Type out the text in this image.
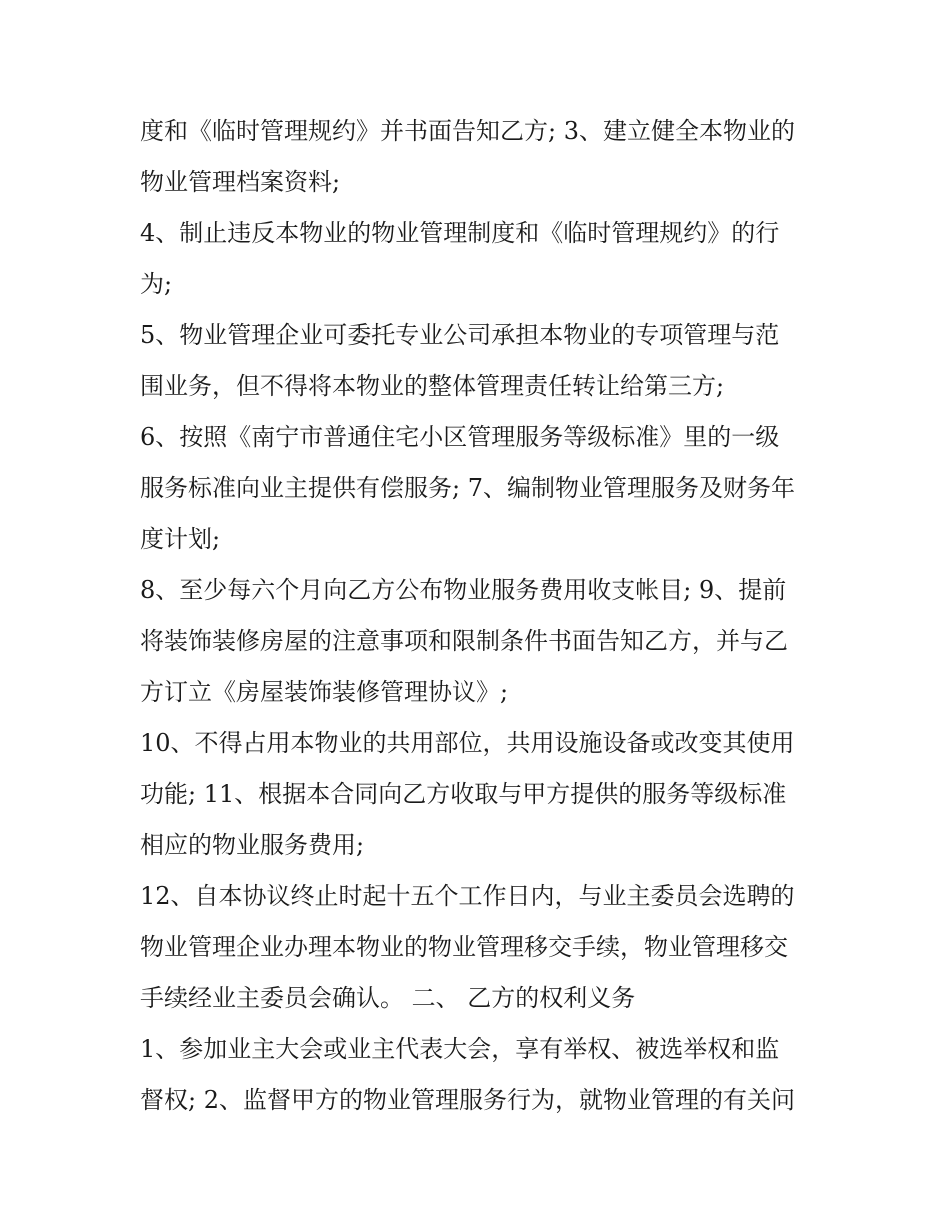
度和《临时管理规约》并书面告知乙方; 3、建立健全本物业的
物业管理档案资料;
4、制止违反本物业的物业管理制度和《临时管理规约》的行
为;
5、物业管理企业可委托专业公司承担本物业的专项管理与范
围业务，但不得将本物业的整体管理责任转让给第三方;
6、按照《南宁市普通住宅小区管理服务等级标准》里的一级
服务标准向业主提供有偿服务; 7、编制物业管理服务及财务年
度计划;
8、至少每六个月向乙方公布物业服务费用收支帐目; 9、提前
将装饰装修房屋的注意事项和限制条件书面告知乙方，并与乙
方订立《房屋装饰装修管理协议》;
10、不得占用本物业的共用部位，共用设施设备或改变其使用
功能; 11、根据本合同向乙方收取与甲方提供的服务等级标准
相应的物业服务费用;
12、自本协议终止时起十五个工作日内，与业主委员会选聘的
物业管理企业办理本物业的物业管理移交手续，物业管理移交
手续经业主委员会确认。 二、 乙方的权利义务
1、参加业主大会或业主代表大会，享有举权、被选举权和监
督权; 2、监督甲方的物业管理服务行为，就物业管理的有关问
